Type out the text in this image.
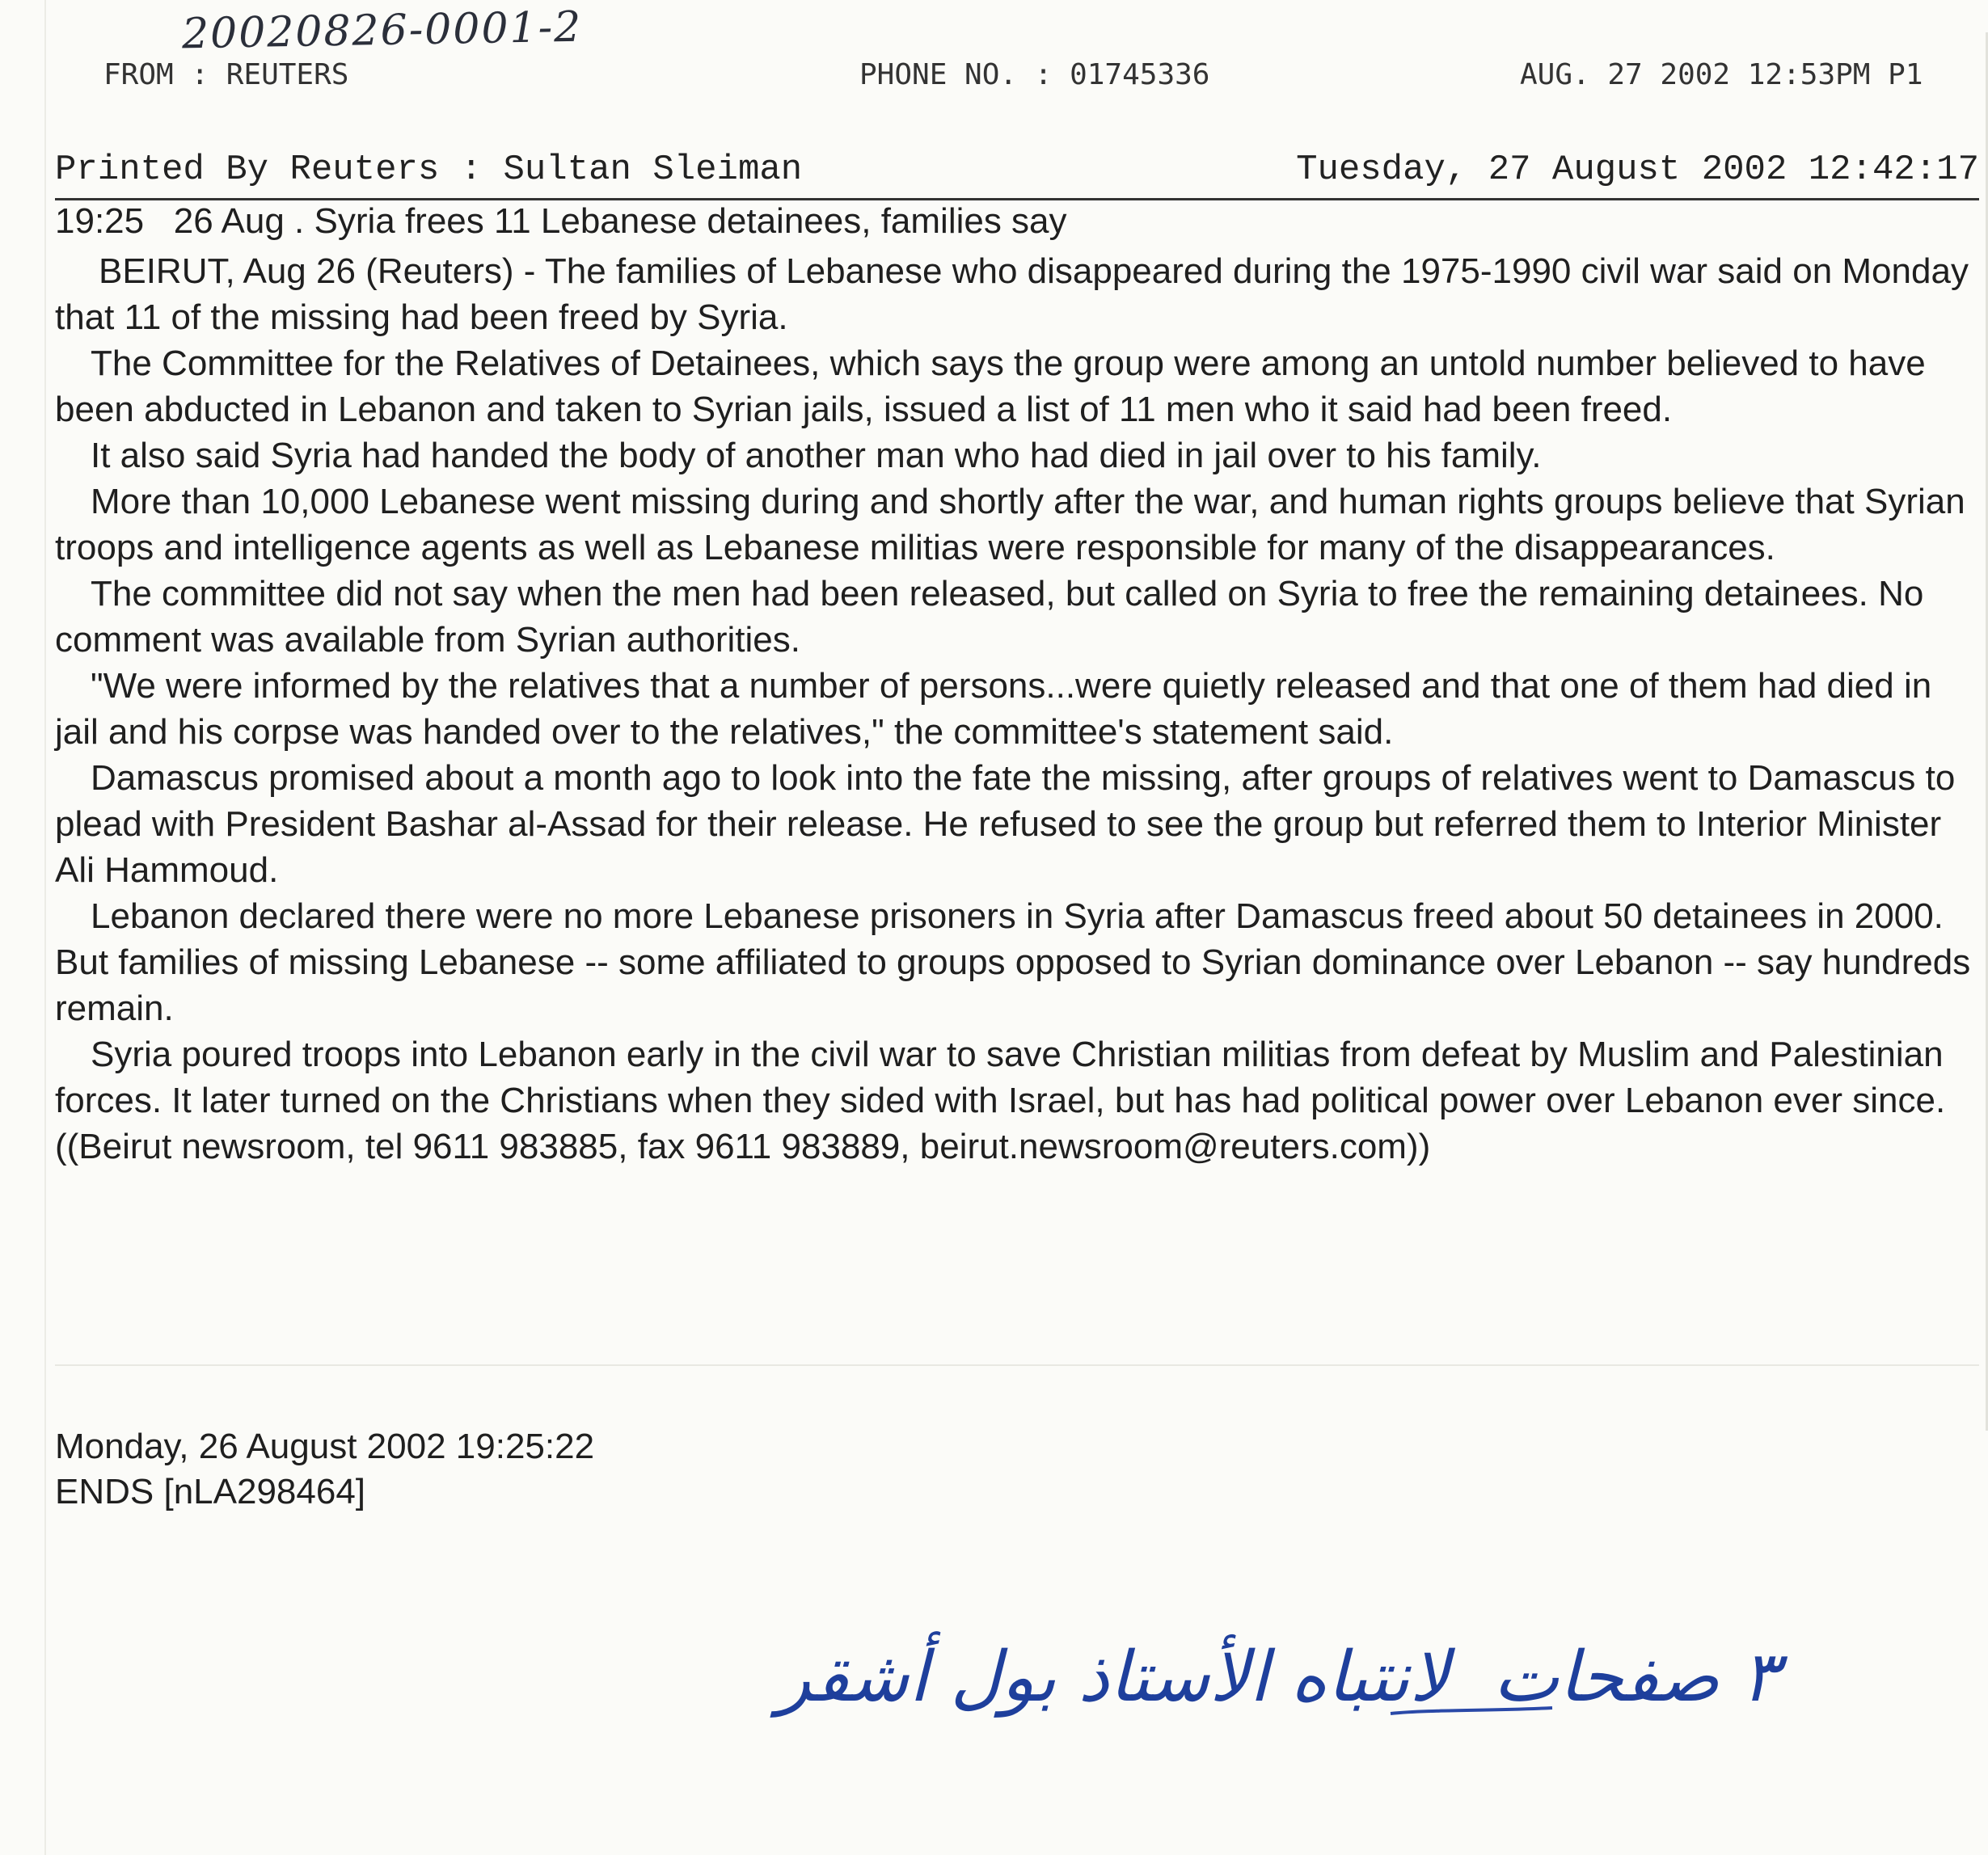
20020826-0001-2
FROM : REUTERS	PHONE NO. : 01745336	AUG. 27 2002 12:53PM P1
Printed By Reuters : Sultan Sleiman	Tuesday, 27 August 2002 12:42:17
19:25   26 Aug . Syria frees 11 Lebanese detainees, families say

BEIRUT, Aug 26 (Reuters) - The families of Lebanese who disappeared during the 1975-1990 civil war said on Monday that 11 of the missing had been freed by Syria.

The Committee for the Relatives of Detainees, which says the group were among an untold number believed to have been abducted in Lebanon and taken to Syrian jails, issued a list of 11 men who it said had been freed.

It also said Syria had handed the body of another man who had died in jail over to his family.

More than 10,000 Lebanese went missing during and shortly after the war, and human rights groups believe that Syrian troops and intelligence agents as well as Lebanese militias were responsible for many of the disappearances.

The committee did not say when the men had been released, but called on Syria to free the remaining detainees. No comment was available from Syrian authorities.

"We were informed by the relatives that a number of persons...were quietly released and that one of them had died in jail and his corpse was handed over to the relatives," the committee's statement said.

Damascus promised about a month ago to look into the fate the missing, after groups of relatives went to Damascus to plead with President Bashar al-Assad for their release. He refused to see the group but referred them to Interior Minister Ali Hammoud.

Lebanon declared there were no more Lebanese prisoners in Syria after Damascus freed about 50 detainees in 2000. But families of missing Lebanese -- some affiliated to groups opposed to Syrian dominance over Lebanon -- say hundreds remain.

Syria poured troops into Lebanon early in the civil war to save Christian militias from defeat by Muslim and Palestinian forces. It later turned on the Christians when they sided with Israel, but has had political power over Lebanon ever since.

((Beirut newsroom, tel 9611 983885, fax 9611 983889, beirut.newsroom@reuters.com))

Monday, 26 August 2002 19:25:22
ENDS [nLA298464]
٣ صفحات  لانتباه الأستاذ بول أشقر
